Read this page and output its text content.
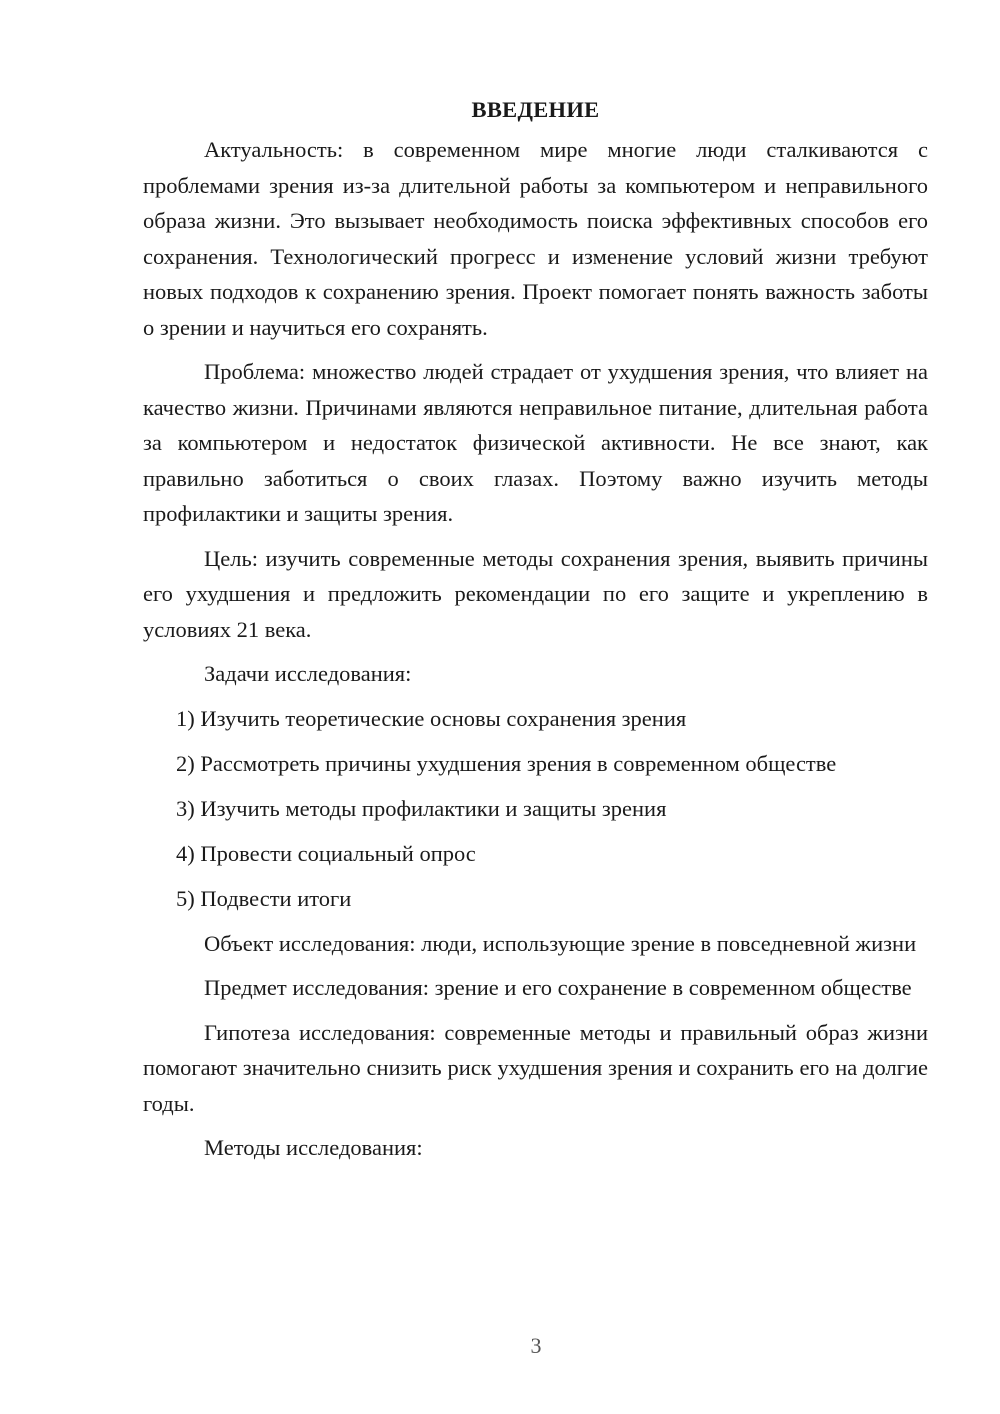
ВВЕДЕНИЕ

Актуальность: в современном мире многие люди сталкиваются с проблемами зрения из-за длительной работы за компьютером и неправильного образа жизни. Это вызывает необходимость поиска эффективных способов его сохранения. Технологический прогресс и изменение условий жизни требуют новых подходов к сохранению зрения. Проект помогает понять важность заботы о зрении и научиться его сохранять.

Проблема: множество людей страдает от ухудшения зрения, что влияет на качество жизни. Причинами являются неправильное питание, длительная работа за компьютером и недостаток физической активности. Не все знают, как правильно заботиться о своих глазах. Поэтому важно изучить методы профилактики и защиты зрения.

Цель: изучить современные методы сохранения зрения, выявить причины его ухудшения и предложить рекомендации по его защите и укреплению в условиях 21 века.

Задачи исследования:

1) Изучить теоретические основы сохранения зрения
2) Рассмотреть причины ухудшения зрения в современном обществе
3) Изучить методы профилактики и защиты зрения
4) Провести социальный опрос
5) Подвести итоги

Объект исследования: люди, использующие зрение в повседневной жизни

Предмет исследования: зрение и его сохранение в современном обществе

Гипотеза исследования: современные методы и правильный образ жизни помогают значительно снизить риск ухудшения зрения и сохранить его на долгие годы.

Методы исследования:

3
